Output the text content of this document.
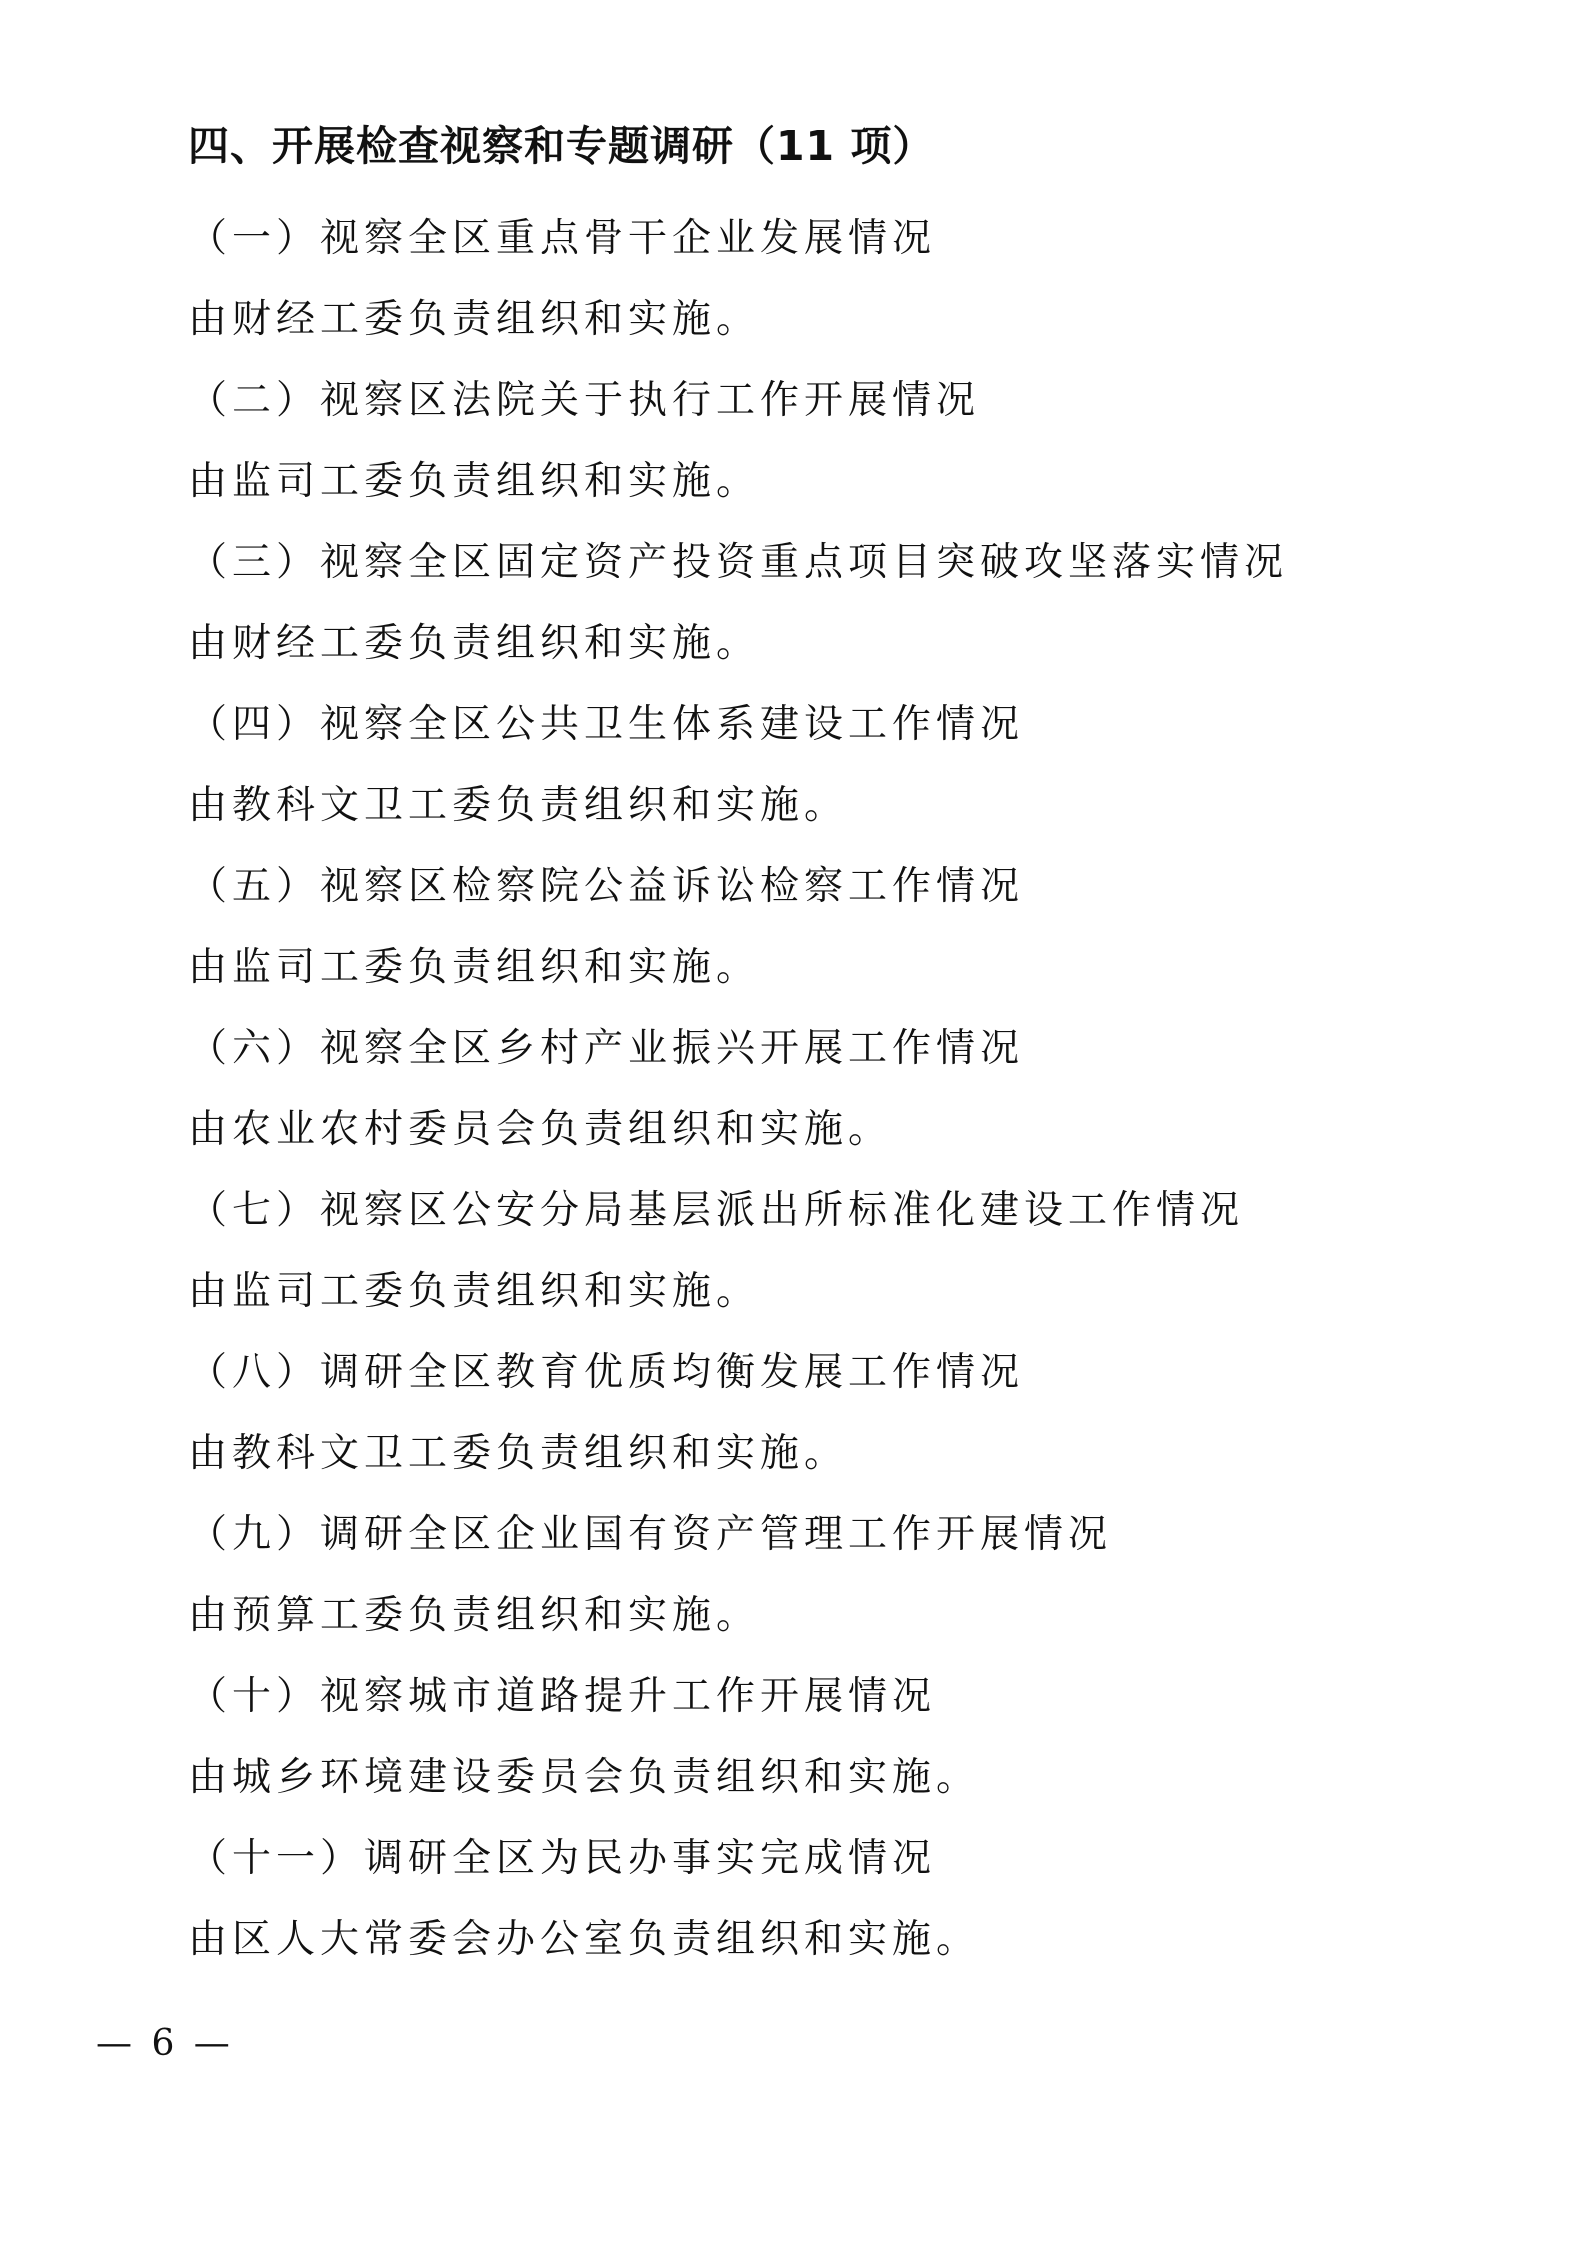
四、开展检查视察和专题调研（11 项）
（一）视察全区重点骨干企业发展情况
由财经工委负责组织和实施。
（二）视察区法院关于执行工作开展情况
由监司工委负责组织和实施。
（三）视察全区固定资产投资重点项目突破攻坚落实情况
由财经工委负责组织和实施。
（四）视察全区公共卫生体系建设工作情况
由教科文卫工委负责组织和实施。
（五）视察区检察院公益诉讼检察工作情况
由监司工委负责组织和实施。
（六）视察全区乡村产业振兴开展工作情况
由农业农村委员会负责组织和实施。
（七）视察区公安分局基层派出所标准化建设工作情况
由监司工委负责组织和实施。
（八）调研全区教育优质均衡发展工作情况
由教科文卫工委负责组织和实施。
（九）调研全区企业国有资产管理工作开展情况
由预算工委负责组织和实施。
（十）视察城市道路提升工作开展情况
由城乡环境建设委员会负责组织和实施。
（十一）调研全区为民办事实完成情况
由区人大常委会办公室负责组织和实施。
— 6 —
